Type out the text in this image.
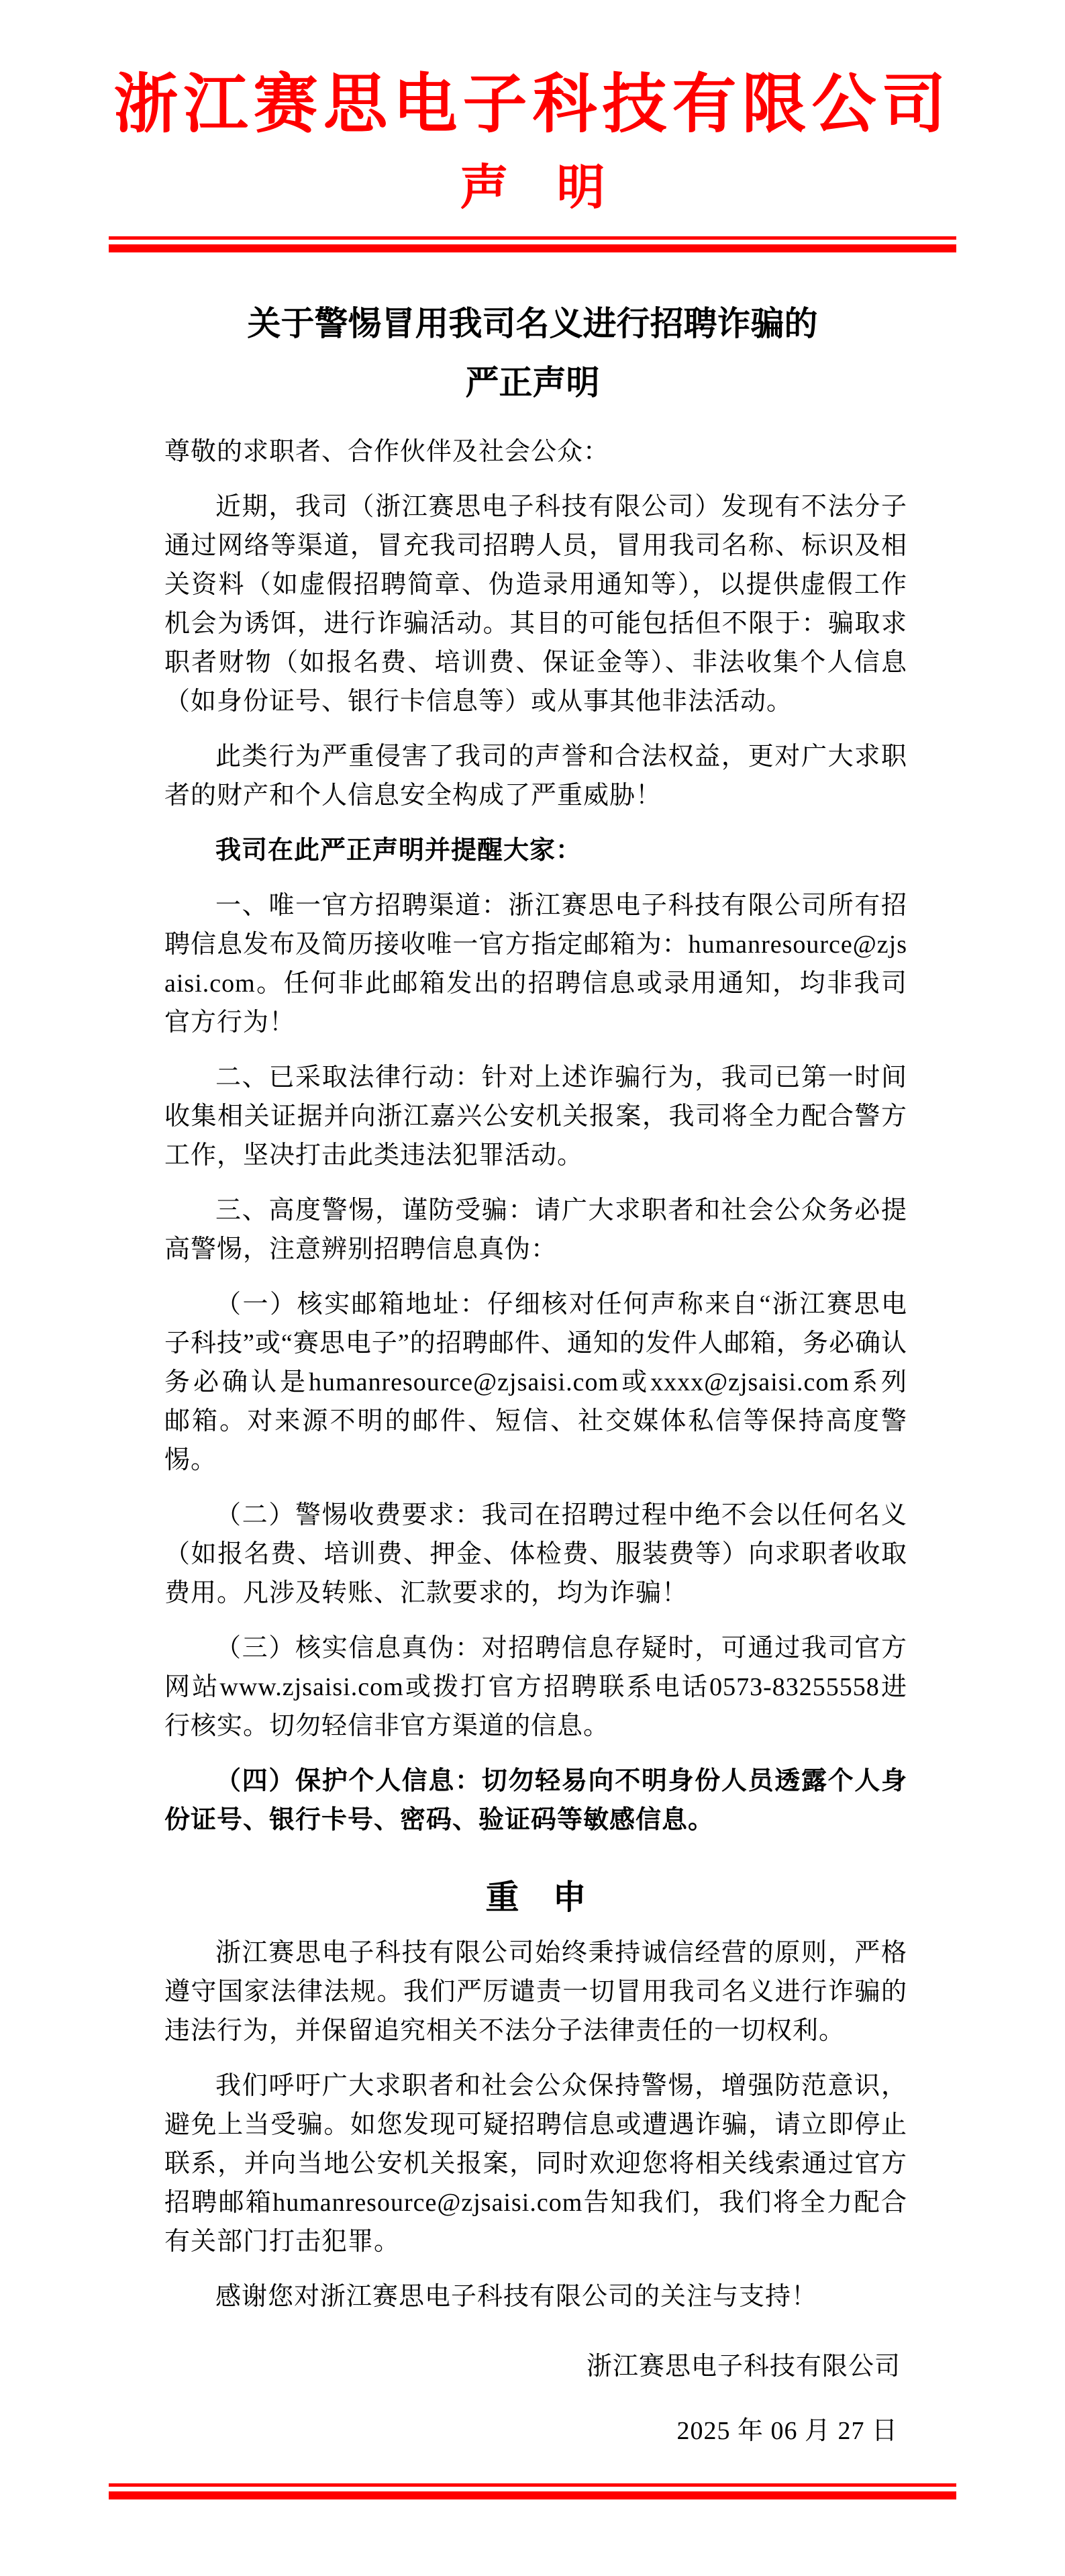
浙江赛思电子科技有限公司
声　明
关于警惕冒用我司名义进行招聘诈骗的
严正声明

尊敬的求职者、合作伙伴及社会公众：

近期，我司（浙江赛思电子科技有限公司）发现有不法分子通过网络等渠道，冒充我司招聘人员，冒用我司名称、标识及相关资料（如虚假招聘简章、伪造录用通知等），以提供虚假工作机会为诱饵，进行诈骗活动。其目的可能包括但不限于：骗取求职者财物（如报名费、培训费、保证金等）、非法收集个人信息（如身份证号、银行卡信息等）或从事其他非法活动。

此类行为严重侵害了我司的声誉和合法权益，更对广大求职者的财产和个人信息安全构成了严重威胁！

我司在此严正声明并提醒大家：

一、唯一官方招聘渠道：浙江赛思电子科技有限公司所有招聘信息发布及简历接收唯一官方指定邮箱为：humanresource@zjsaisi.com。任何非此邮箱发出的招聘信息或录用通知，均非我司官方行为！

二、已采取法律行动：针对上述诈骗行为，我司已第一时间收集相关证据并向浙江嘉兴公安机关报案，我司将全力配合警方工作，坚决打击此类违法犯罪活动。

三、高度警惕，谨防受骗：请广大求职者和社会公众务必提高警惕，注意辨别招聘信息真伪：

（一）核实邮箱地址：仔细核对任何声称来自“浙江赛思电子科技”或“赛思电子”的招聘邮件、通知的发件人邮箱，务必确认务必确认是humanresource@zjsaisi.com或xxxx@zjsaisi.com系列邮箱。对来源不明的邮件、短信、社交媒体私信等保持高度警惕。

（二）警惕收费要求：我司在招聘过程中绝不会以任何名义（如报名费、培训费、押金、体检费、服装费等）向求职者收取费用。凡涉及转账、汇款要求的，均为诈骗！

（三）核实信息真伪：对招聘信息存疑时，可通过我司官方网站www.zjsaisi.com或拨打官方招聘联系电话0573-83255558进行核实。切勿轻信非官方渠道的信息。

（四）保护个人信息：切勿轻易向不明身份人员透露个人身份证号、银行卡号、密码、验证码等敏感信息。

重　申

浙江赛思电子科技有限公司始终秉持诚信经营的原则，严格遵守国家法律法规。我们严厉谴责一切冒用我司名义进行诈骗的违法行为，并保留追究相关不法分子法律责任的一切权利。

我们呼吁广大求职者和社会公众保持警惕，增强防范意识，避免上当受骗。如您发现可疑招聘信息或遭遇诈骗，请立即停止联系，并向当地公安机关报案，同时欢迎您将相关线索通过官方招聘邮箱humanresource@zjsaisi.com告知我们，我们将全力配合有关部门打击犯罪。

感谢您对浙江赛思电子科技有限公司的关注与支持！

浙江赛思电子科技有限公司

2025 年 06 月 27 日
